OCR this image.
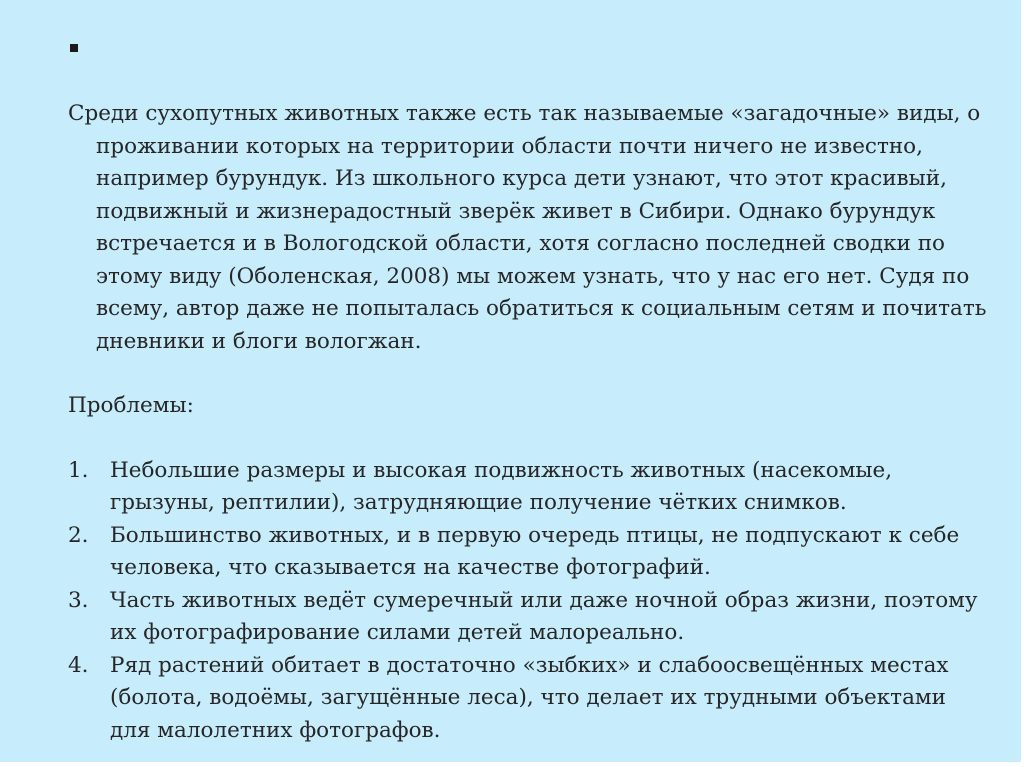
Среди сухопутных животных также есть так называемые «загадочные» виды, о проживании которых на территории области почти ничего не известно, например бурундук. Из школьного курса дети узнают, что этот красивый, подвижный и жизнерадостный зверёк живет в Сибири. Однако бурундук встречается и в Вологодской области, хотя согласно последней сводки по этому виду (Оболенская, 2008) мы можем узнать, что у нас его нет. Судя по всему, автор даже не попыталась обратиться к социальным сетям и почитать дневники и блоги вологжан.

Проблемы:

1. Небольшие размеры и высокая подвижность животных (насекомые, грызуны, рептилии), затрудняющие получение чётких снимков.
2. Большинство животных, и в первую очередь птицы, не подпускают к себе человека, что сказывается на качестве фотографий.
3. Часть животных ведёт сумеречный или даже ночной образ жизни, поэтому их фотографирование силами детей малореально.
4. Ряд растений обитает в достаточно «зыбких» и слабоосвещённых местах (болота, водоёмы, загущённые леса), что делает их трудными объектами для малолетних фотографов.
